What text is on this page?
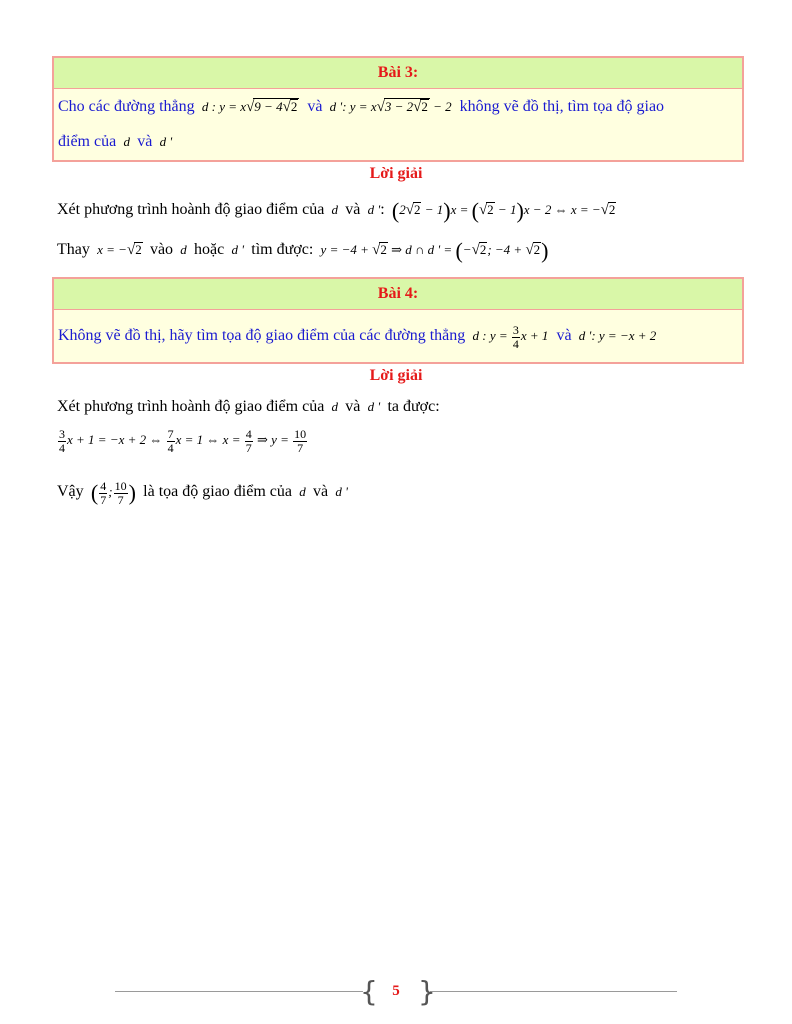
Bài 3:
Cho các đường thẳng d : y = x√9 − 4√2 và d ': y = x√3 − 2√2 − 2 không vẽ đồ thị, tìm tọa độ giao
điểm của d và d '
Lời giải
Xét phương trình hoành độ giao điểm của  d  và  d ': (2√2 − 1)x = (√2 − 1)x − 2 ⇔ x = −√2
Thay  x = −√2 vào  d  hoặc  d '  tìm được:  y = −4 + √2 ⇒ d ∩ d ' = (−√2; −4 + √2)
Bài 4:
Không vẽ đồ thị, hãy tìm tọa độ giao điểm của các đường thẳng d : $y = \frac{3}{4}$ x + 1 và d ': y = −x + 2
Lời giải
Xét phương trình hoành độ giao điểm của  d  và  d '  ta được:
$\frac{3}{4}$ x + 1 = −x + 2 ⇔ $\frac{7}{4}$ x = 1 ⇔ $x = \frac{4}{7}$ ⇒ $y = \frac{10}{7}$
Vậy ( $\frac{4}{7}$ ; $\frac{10}{7}$ ) là tọa độ giao điểm của  d  và  d '
{ }
5
